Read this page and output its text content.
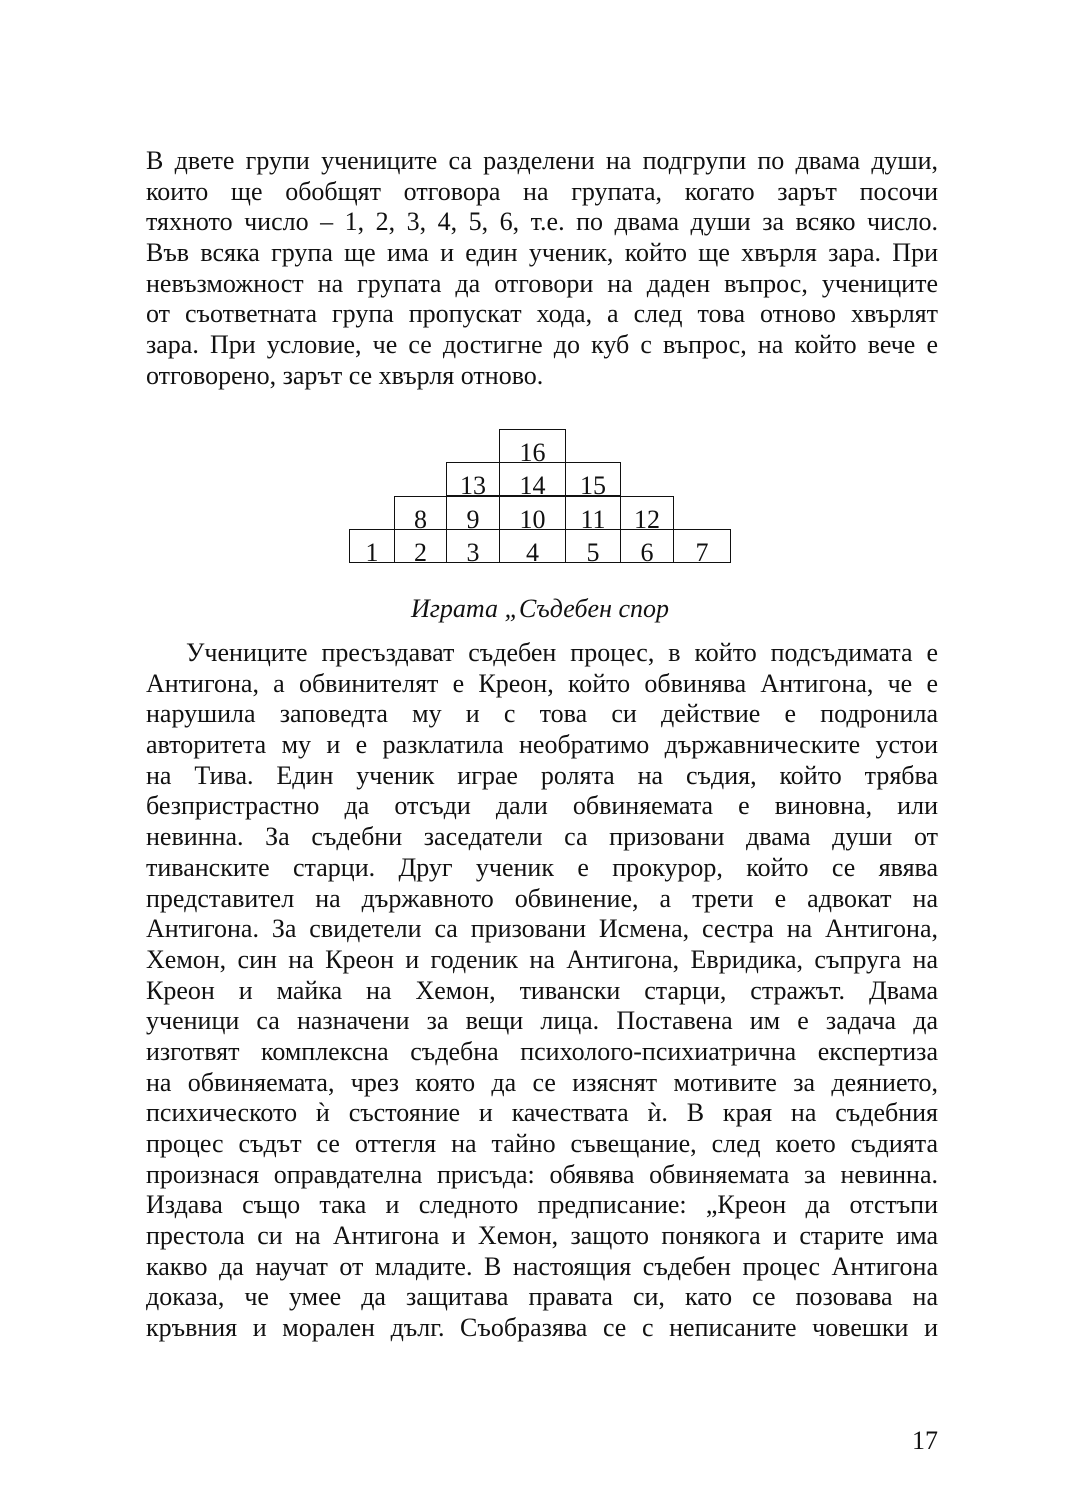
В двете групи учениците са разделени на подгрупи по двама души,
които ще обобщят отговора на групата, когато зарът посочи
тяхното число – 1, 2, 3, 4, 5, 6, т.е. по двама души за всяко число.
Във всяка група ще има и един ученик, който ще хвърля зара. При
невъзможност на групата да отговори на даден въпрос, учениците
от съответната група пропускат хода, а след това отново хвърлят
зара. При условие, че се достигне до куб с въпрос, на който вече е
отговорено, зарът се хвърля отново.
16
13	14	15
8	9	10	11	12
1	2	3	4	5	6	7
Играта „Съдебен спор
Учениците пресъздават съдебен процес, в който подсъдимата е
Антигона, а обвинителят е Креон, който обвинява Антигона, че е
нарушила заповедта му и с това си действие е подронила
авторитета му и е разклатила необратимо държавническите устои
на Тива. Един ученик играе ролята на съдия, който трябва
безпристрастно да отсъди дали обвиняемата е виновна, или
невинна. За съдебни заседатели са призовани двама души от
тиванските старци. Друг ученик е прокурор, който се явява
представител на държавното обвинение, а трети е адвокат на
Антигона. За свидетели са призовани Исмена, сестра на Антигона,
Хемон, син на Креон и годеник на Антигона, Евридика, съпруга на
Креон и майка на Хемон, тивански старци, стражът. Двама
ученици са назначени за вещи лица. Поставена им е задача да
изготвят комплексна съдебна психолого-психиатрична експертиза
на обвиняемата, чрез която да се изяснят мотивите за деянието,
психическото ѝ състояние и качествата ѝ. В края на съдебния
процес съдът се оттегля на тайно съвещание, след което съдията
произнася оправдателна присъда: обявява обвиняемата за невинна.
Издава също така и следното предписание: „Креон да отстъпи
престола си на Антигона и Хемон, защото понякога и старите има
какво да научат от младите. В настоящия съдебен процес Антигона
доказа, че умее да защитава правата си, като се позовава на
кръвния и морален дълг. Съобразява се с неписаните човешки и
17
